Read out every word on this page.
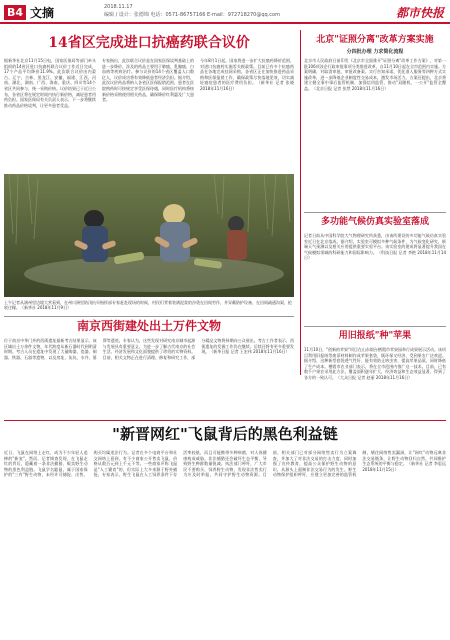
B4 文摘	2018.11.17
编辑 / 设计：张德锦 电话：0571-86757166 E-mail：972718270@qq.com	都市快报
14省区完成进口抗癌药联合议价
据新华社北京11月15日电，国家医保局等部门牵头组织的14省区进口抗癌药联合议价工作近日完成，17个产品平均降价11.9%。此次联合议价由内蒙古、辽宁、吉林、黑龙江、安徽、福建、江西、河南、湖北、湖南、广西、海南、重庆、四川等14个省区共同参与，统一采购价格。议价结果已于近日公布，各省区将在规定时间内执行新价格，减轻患者用药负担。国家医保局有关负责人表示，下一步将继续推动药品价格谈判，让更多患者受益。
专家指出，此次联合议价是在国家医保谈判基础上的进一步降价，涉及的药品主要用于肺癌、乳腺癌、白血病等疾病治疗。参与议价的14个省区覆盖人口数亿人，议价成功将有效降低患者经济负担。据介绍，此次议价药品将纳入各省区医保报销范围，患者在医院购药时可按规定享受医保待遇，同时医疗机构将按新价格采购使用相关药品，确保降价红利惠及广大患者。
今年8月1日起，国家将进一步扩大抗癌药降价范围，对进口抗癌药实施零关税政策。目前已有多个抗癌药品在各地完成挂网采购，各省区正在加快推进药品采购和医保报销工作，确保政策尽快落地见效，切实减轻癌症患者的医疗费用负担。（新华社 记者 张晓 2018年11月16日）
上午记者从满州里边境大营看到，在州川洲里防汛抗旱指挥部专家赶赴现场的时候，村民们背着装满泥浆的沙袋在田间劳作，并穿戴防护设备，在田间疏通沟渠，抢收庄稼。（新华社 2018年11月9日）
北京"证照分离"改革方案实施
分四批办理 力求简化流程
北京市人民政府日前印发《北京市全面推开"证照分离"改革工作方案》，对第一批106项涉企行政审批事项分类推进改革，自11月10日起在全市范围内实施。方案明确，对取消审批、审批改备案、实行告知承诺、优化准入服务等四种方式实施改革，进一步降低企业制度性交易成本，激发市场活力。方案还提出，北京将建立健全事中事后监管机制，加强信用监管，推动"双随机、一公开"监管全覆盖。（北京日报 记者 张然 2018年11月16日）
多功能气候仿真实验室落成
记者日前从中国科学院大气物理研究所获悉，由该所建设的多功能气候仿真实验室近日在北京落成。据介绍，实验室可模拟多种气候条件，为气候变化研究、极端天气预测以及相关应用提供重要实验平台。该实验室的建成将显著提升我国在气候模拟领域的科研能力和国际影响力。（科技日报 记者 李艳 2018年11月14日）
用旧报纸"种"苹果
11月10日，"创新的苹果"项目在山东烟台栖霞市苹果园举行成果展示活动。该项目利用旧报纸等废旧材料制作成苹果套袋，既环保又经济，受到果农广泛欢迎。据介绍，这种新型套袋透气性好，能有效防止病虫害，提高苹果品质，同时降低了生产成本。栖霞市农业部门表示，将在全市范围内推广这一技术。目前，已有数千户果农采用此方法，覆盖面积逐年扩大，经济效益和生态效益显著，得到了各方的一致认可。（大众日报 记者 赵丽 2018年11月16日）
南京西街建处出土万件文物
位于南京中华门外的西街遗址最新考古结果显示，该区域出土万余件文物，年代跨度从新石器时代到明清时期。考古人员在遗址中发现了大量陶器、瓷器、铜器、铁器、石器等遗物，以及房址、灰坑、水井、墓葬等遗迹。专家认为，这些发现对研究南京城市起源与发展具有重要意义，为进一步了解古代南京的社会生活、经济发展和文化面貌提供了珍贵的实物资料。目前，相关文物正在进行清理、修复和研究工作，部分精品文物将择期向公众展出。考古工作者表示，西街遗址的发掘工作仍在继续，后续还将有更多重要发现。（新华日报 记者 王宏伟 2018年11月16日）
"新晋网红"飞鼠背后的黑色利益链
近日，飞鼠在网络上走红，成为不少年轻人追捧的"新宠"。然而，记者调查发现，在飞鼠走红的背后，隐藏着一条非法捕猎、贩卖野生动物的黑色利益链。飞鼠学名鼯鼠，属于国家保护的"三有"野生动物，未经许可捕捉、出售、购买均属违法行为。记者在多个电商平台和社交网络上看到，有不少商家公开售卖飞鼠，价格从数百元到上千元不等。一些商家声称飞鼠是"人工繁育"的，但实际上大多来源于野外捕捉。专家表示，野生飞鼠在人工饲养条件下存活率较低，而且可能携带多种病菌，对人体健康构成威胁。非法捕猎还会破坏生态平衡，导致野生种群数量锐减。执法部门呼吁，广大市民不要购买、饲养野生动物，发现非法售卖行为应及时举报，共同守护野生动物资源。目前，相关部门已对部分网络售卖行为立案调查，并加大了对非法交易的打击力度，同时加强了宣传教育，提高公众保护野生动物的意识，从源头上遏制非法交易行为的发生。野生动物保护组织呼吁，应建立更加完善的监管机制，堵住网络售卖漏洞，让"网红"动物远离非法交易链条，让野生动物回归自然，共同维护生态系统的平衡与稳定。（新华社 记者 李思远 2018年11月15日）
